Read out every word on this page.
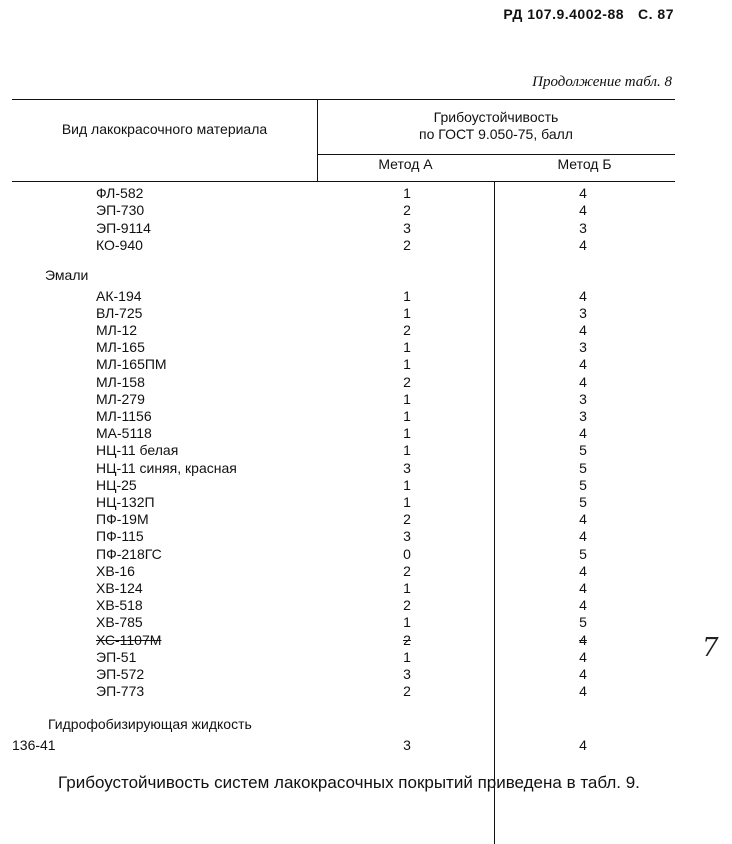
РД 107.9.4002-88 С. 87
Продолжение табл. 8
Вид лакокрасочного материала
Грибоустойчивость
по ГОСТ 9.050-75, балл
Метод А	Метод Б
ФЛ-582	1	4
ЭП-730	2	4
ЭП-9114	3	3
КО-940	2	4
Эмали
АК-194	1	4
ВЛ-725	1	3
МЛ-12	2	4
МЛ-165	1	3
МЛ-165ПМ	1	4
МЛ-158	2	4
МЛ-279	1	3
МЛ-1156	1	3
МА-5118	1	4
НЦ-11 белая	1	5
НЦ-11 синяя, красная	3	5
НЦ-25	1	5
НЦ-132П	1	5
ПФ-19М	2	4
ПФ-115	3	4
ПФ-218ГС	0	5
ХВ-16	2	4
ХВ-124	1	4
ХВ-518	2	4
ХВ-785	1	5
ХС-1107М	2	4
ЭП-51	1	4
ЭП-572	3	4
ЭП-773	2	4
Гидрофобизирующая жидкость
136-41	3	4
Грибоустойчивость систем лакокрасочных покрытий приведена в табл. 9.
7
